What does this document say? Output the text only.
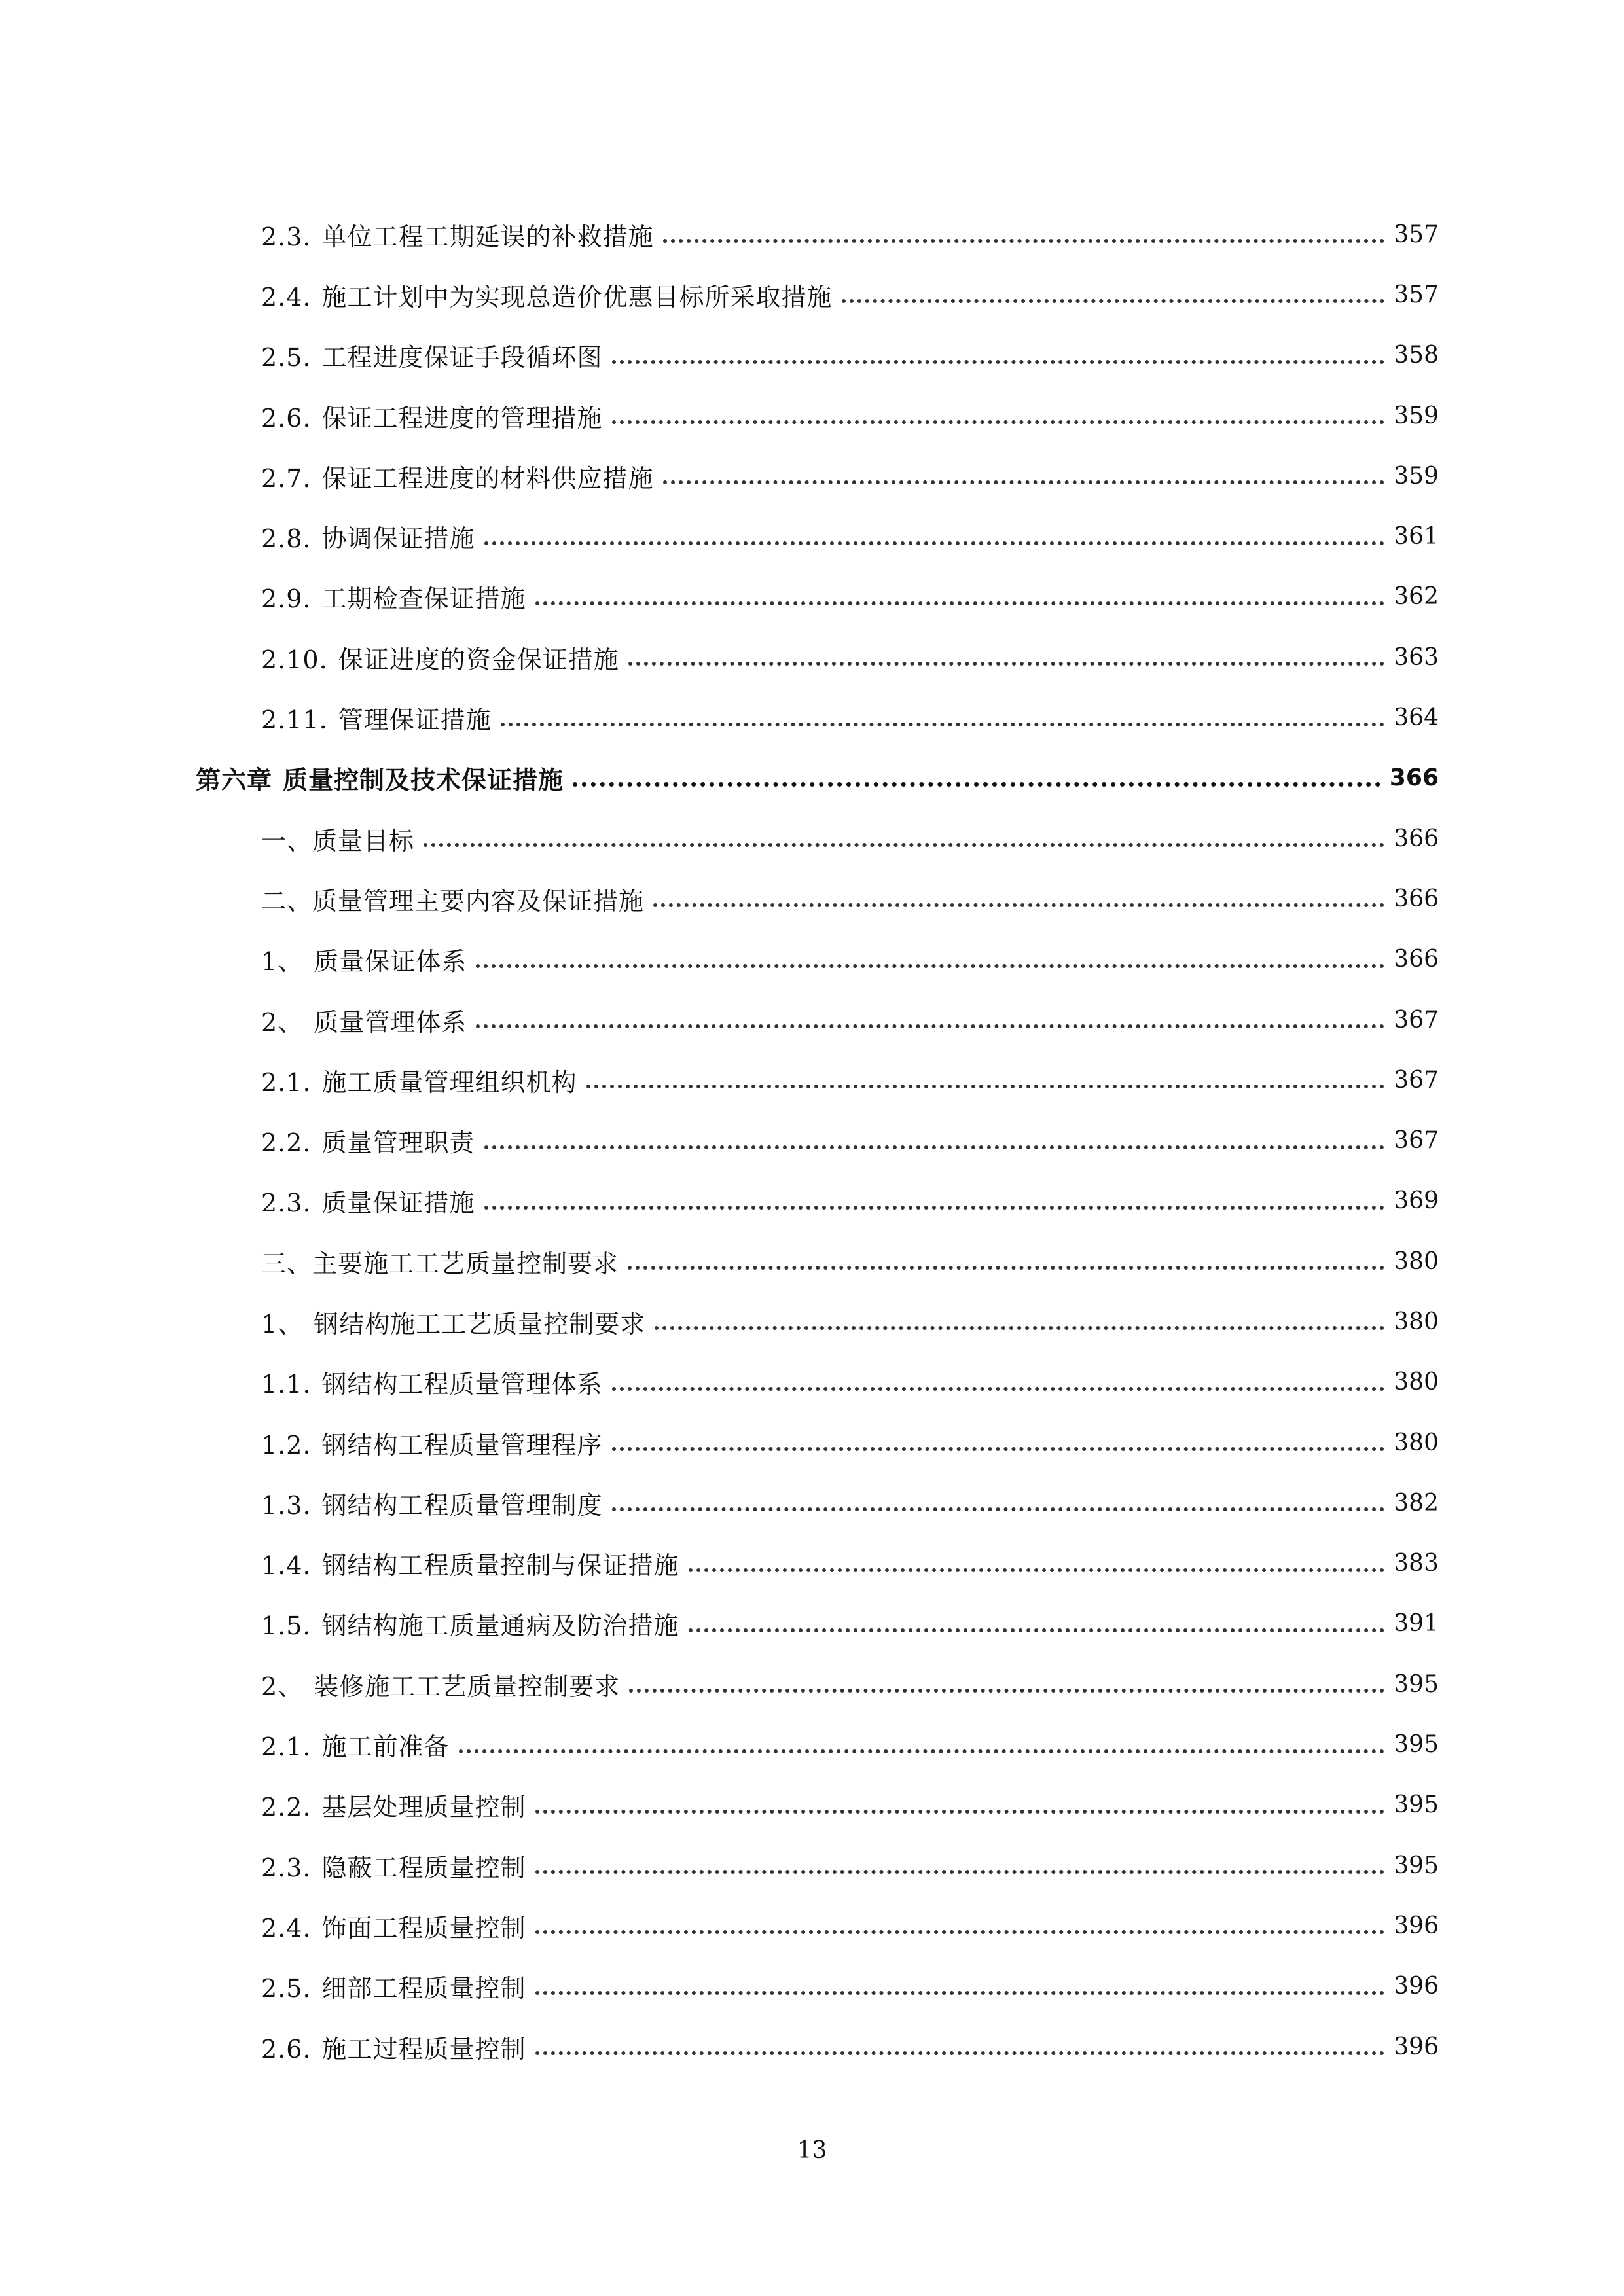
2.3. 单位工程工期延误的补救措施	357
2.4. 施工计划中为实现总造价优惠目标所采取措施	357
2.5. 工程进度保证手段循环图	358
2.6. 保证工程进度的管理措施	359
2.7. 保证工程进度的材料供应措施	359
2.8. 协调保证措施	361
2.9. 工期检查保证措施	362
2.10. 保证进度的资金保证措施	363
2.11. 管理保证措施	364
第六章 质量控制及技术保证措施	366
一、质量目标	366
二、质量管理主要内容及保证措施	366
1、 质量保证体系	366
2、 质量管理体系	367
2.1. 施工质量管理组织机构	367
2.2. 质量管理职责	367
2.3. 质量保证措施	369
三、主要施工工艺质量控制要求	380
1、 钢结构施工工艺质量控制要求	380
1.1. 钢结构工程质量管理体系	380
1.2. 钢结构工程质量管理程序	380
1.3. 钢结构工程质量管理制度	382
1.4. 钢结构工程质量控制与保证措施	383
1.5. 钢结构施工质量通病及防治措施	391
2、 装修施工工艺质量控制要求	395
2.1. 施工前准备	395
2.2. 基层处理质量控制	395
2.3. 隐蔽工程质量控制	395
2.4. 饰面工程质量控制	396
2.5. 细部工程质量控制	396
2.6. 施工过程质量控制	396
13
